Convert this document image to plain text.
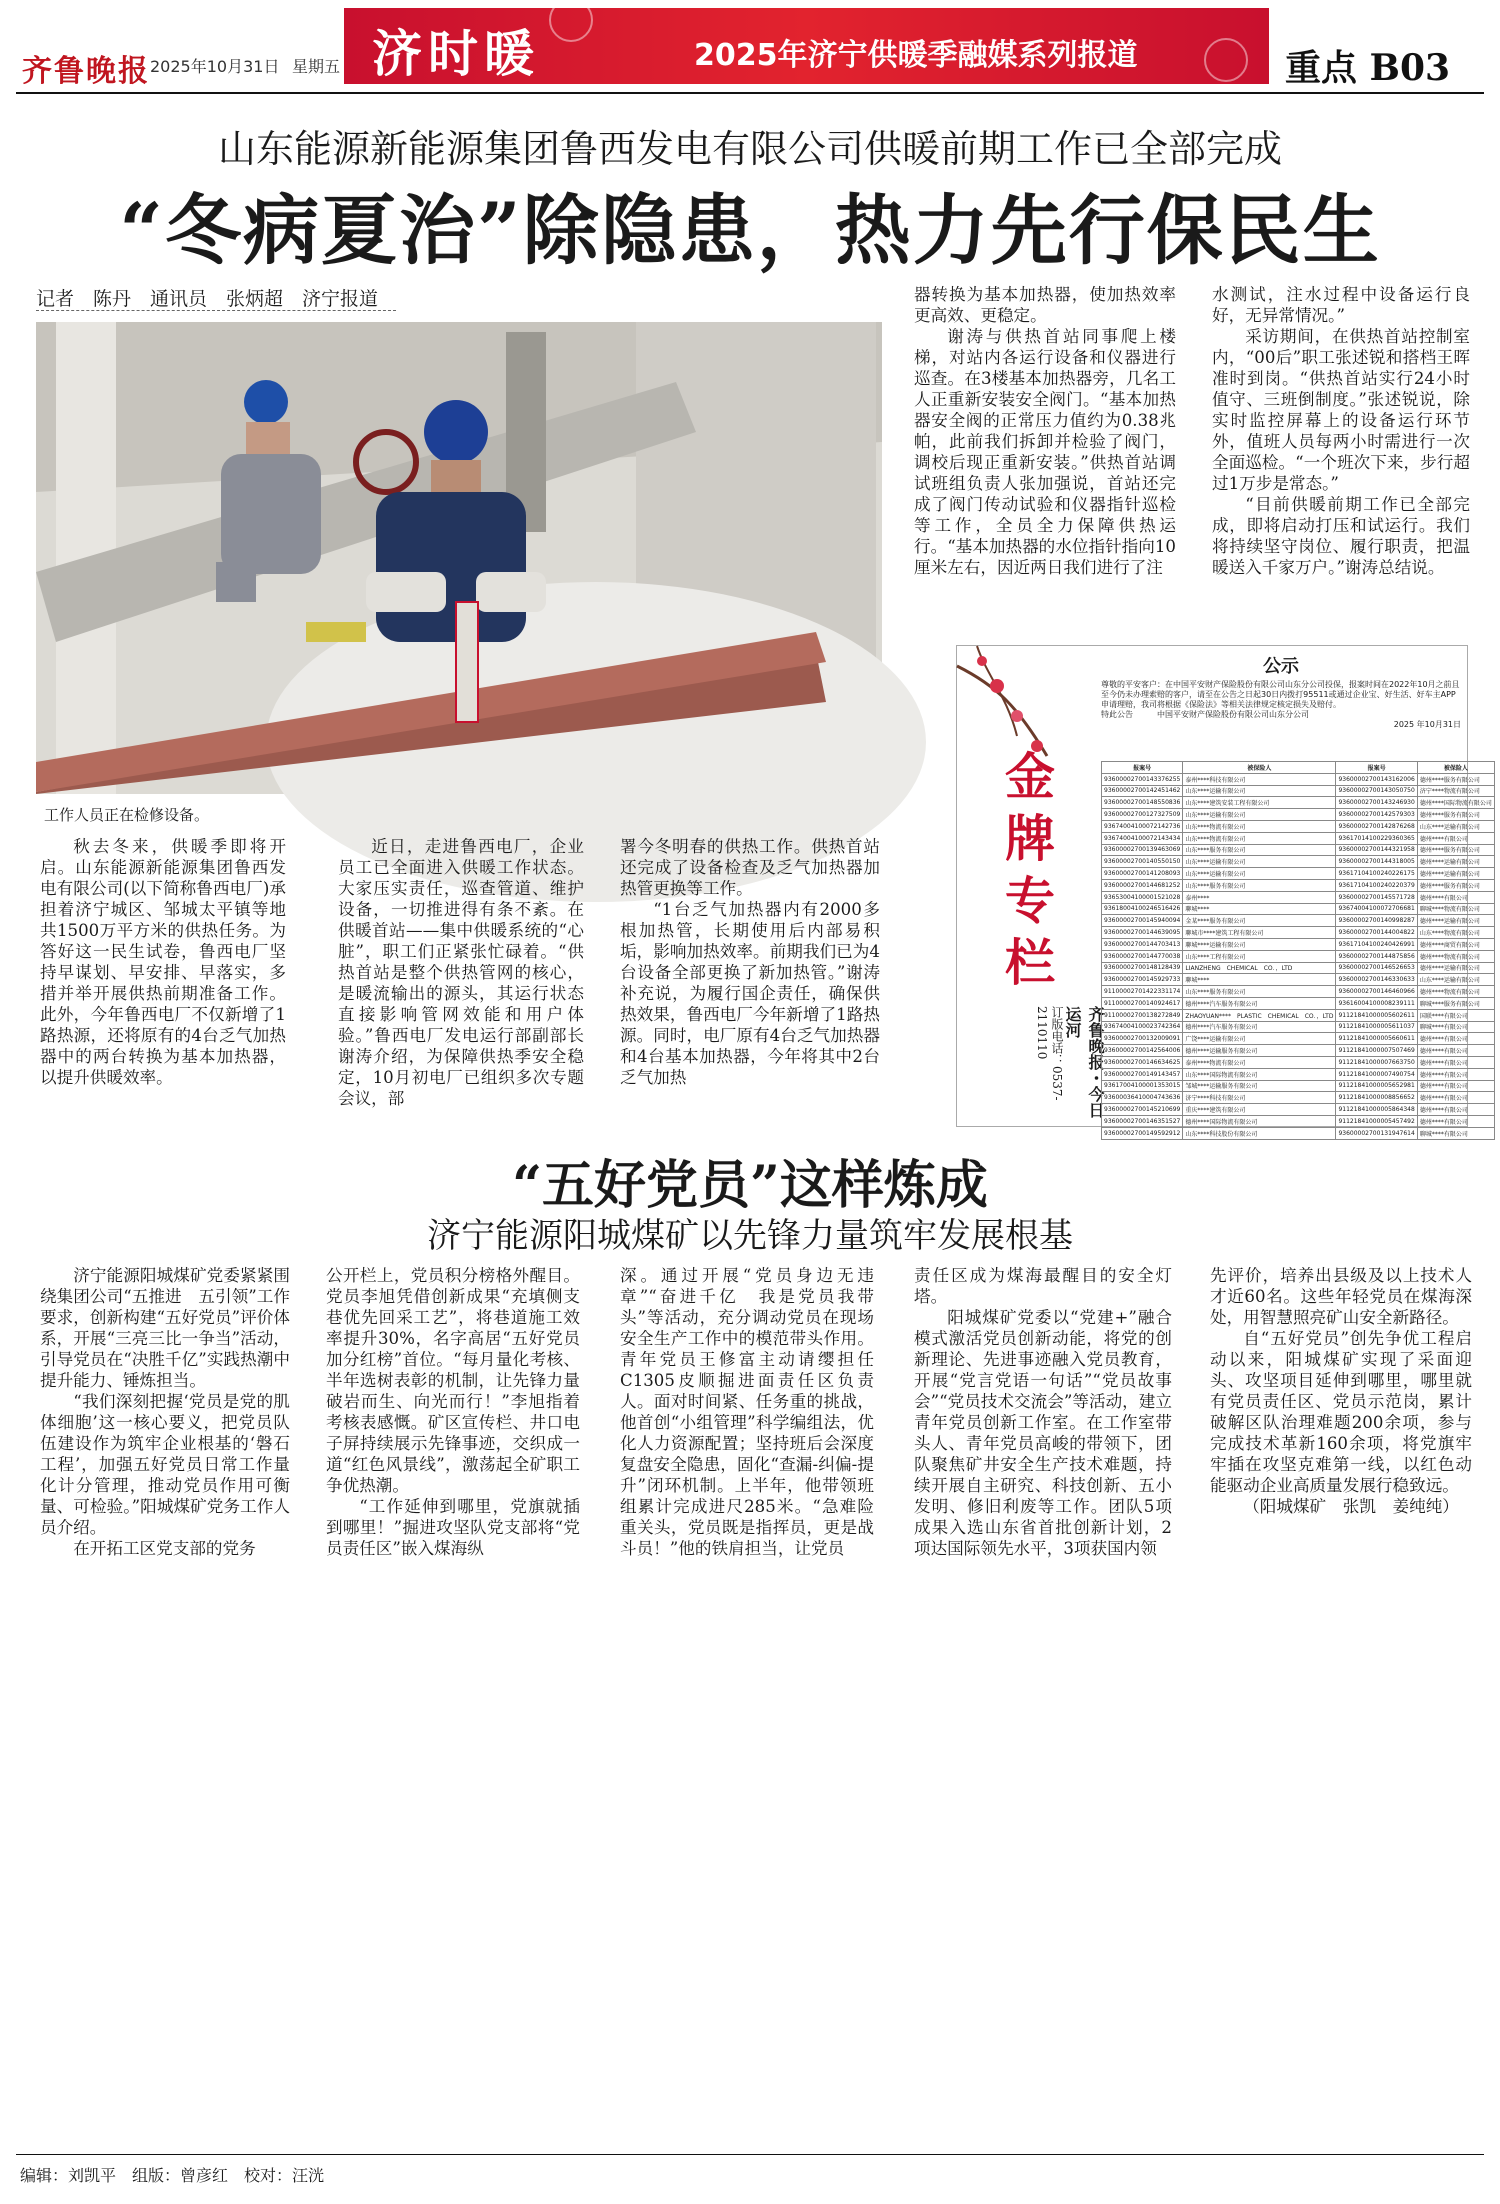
齐鲁晚报 2025年10月31日 星期五 济时暖	2025年济宁供暖季融媒系列报道	重点 B03
山东能源新能源集团鲁西发电有限公司供暖前期工作已全部完成
“冬病夏治”除隐患，热力先行保民生
记者　陈丹　通讯员　张炳超　济宁报道
工作人员正在检修设备。

秋去冬来，供暖季即将开启。山东能源新能源集团鲁西发电有限公司(以下简称鲁西电厂)承担着济宁城区、邹城太平镇等地共1500万平方米的供热任务。为答好这一民生试卷，鲁西电厂坚持早谋划、早安排、早落实，多措并举开展供热前期准备工作。此外，今年鲁西电厂不仅新增了1路热源，还将原有的4台乏气加热器中的两台转换为基本加热器，以提升供暖效率。

近日，走进鲁西电厂，企业员工已全面进入供暖工作状态。大家压实责任，巡查管道、维护设备，一切推进得有条不紊。在供暖首站——集中供暖系统的“心脏”，职工们正紧张忙碌着。“供热首站是整个供热管网的核心，是暖流输出的源头，其运行状态直接影响管网效能和用户体验。”鲁西电厂发电运行部副部长谢涛介绍，为保障供热季安全稳定，10月初电厂已组织多次专题会议，部

署今冬明春的供热工作。供热首站还完成了设备检查及乏气加热器加热管更换等工作。

“1台乏气加热器内有2000多根加热管，长期使用后内部易积垢，影响加热效率。前期我们已为4台设备全部更换了新加热管。”谢涛补充说，为履行国企责任，确保供热效果，鲁西电厂今年新增了1路热源。同时，电厂原有4台乏气加热器和4台基本加热器，今年将其中2台乏气加热

器转换为基本加热器，使加热效率更高效、更稳定。

谢涛与供热首站同事爬上楼梯，对站内各运行设备和仪器进行巡查。在3楼基本加热器旁，几名工人正重新安装安全阀门。“基本加热器安全阀的正常压力值约为0.38兆帕，此前我们拆卸并检验了阀门，调校后现正重新安装。”供热首站调试班组负责人张加强说，首站还完成了阀门传动试验和仪器指针巡检等工作，全员全力保障供热运行。“基本加热器的水位指针指向10厘米左右，因近两日我们进行了注

水测试，注水过程中设备运行良好，无异常情况。”

采访期间，在供热首站控制室内，“00后”职工张述锐和搭档王晖准时到岗。“供热首站实行24小时值守、三班倒制度。”张述锐说，除实时监控屏幕上的设备运行环节外，值班人员每两小时需进行一次全面巡检。“一个班次下来，步行超过1万步是常态。”

“目前供暖前期工作已全部完成，即将启动打压和试运行。我们将持续坚守岗位、履行职责，把温暖送入千家万户。”谢涛总结说。

金牌专栏
齐鲁晚报・今日运河
订版电话：0537-2110110
公示
尊敬的平安客户：在中国平安财产保险股份有限公司山东分公司投保，报案时间在2022年10月之前且至今仍未办理索赔的客户，请至在公告之日起30日内拨打95511或通过企业宝、好生活、好车主APP申请理赔，我司将根据《保险法》等相关法律规定核定损失及赔付。
特此公告　　　中国平安财产保险股份有限公司山东分公司
2025 年10月31日
报案号	被保险人	报案号	被保险人
93600002700143376255	泰州****科技有限公司	93600002700143162006	德州****服务有限公司
93600002700142451462	山东****运输有限公司	93600002700143050750	济宁****物流有限公司
93600002700148550836	山东****建筑安装工程有限公司	93600002700143246930	德州****国际物流有限公司
93600002700127327509	山东****运输有限公司	93600002700142579303	德州****服务有限公司
93674004100072142736	山东****物流有限公司	93600002700142876268	山东****运输有限公司
93674004100072143434	山东****物流有限公司	93617014100229360365	德州****有限公司
93600002700139463069	山东****服务有限公司	93600002700144321958	德州****服务有限公司
93600002700140550150	山东****运输有限公司	93600002700144318005	德州****运输有限公司
93600002700141208093	山东****运输有限公司	93617104100240226175	德州****运输有限公司
93600002700144681252	山东****服务有限公司	93617104100240220379	德州****服务有限公司
93653004100001521028	泰州****	93600002700145571728	德州****有限公司
93618004100246516426	聊城****	93674004100072706681	聊城****物流有限公司
93600002700145940094	金某****服务有限公司	93600002700140998287	德州****运输有限公司
93600002700144639095	聊城市****建筑工程有限公司	93600002700144004822	山东****物流有限公司
93600002700144703413	聊城****运输有限公司	93617104100240426991	德州****商贸有限公司
93600002700144770038	山东****工程有限公司	93600002700144875856	德州****物流有限公司
93600002700148128439	LIANZHENG　CHEMICAL　CO．，LTD	93600002700146526653	德州****运输有限公司
93600002700145929733	聊城****	93600002700146330633	山东****运输有限公司
91100002701422331174	山东****服务有限公司	93600002700146460966	德州****物流有限公司
91100002700140924617	德州****汽车服务有限公司	93616004100008239111	聊城****服务有限公司
91100002700138272849	ZHAOYUAN****　PLASTIC　CHEMICAL　CO．，LTD	91121841000005602611	国联****有限公司
93674004100023742364	德州****汽车服务有限公司	91121841000005611037	聊城****有限公司
93600002700132009091	广饶****运输有限公司	91121841000005660611	德州****有限公司
93600002700142564006	德州****运输服务有限公司	91121841000007507469	德州****有限公司
93600002700146634625	泰州****物流有限公司	91121841000007663750	德州****有限公司
93600002700149143457	山东****国际物流有限公司	91121841000007490754	德州****有限公司
93617004100001353015	邹城****运输服务有限公司	91121841000005652981	德州****有限公司
93600036410004743636	济宁****科技有限公司	91121841000008856652	德州****有限公司
93600002700145210699	重庆****建筑有限公司	91121841000005864348	德州****有限公司
93600002700146351527	德州****国际物流有限公司	91121841000005457492	德州****有限公司
93600002700149592912	山东****科技股份有限公司	93600002700131947614	聊城****有限公司
“五好党员”这样炼成
济宁能源阳城煤矿以先锋力量筑牢发展根基

济宁能源阳城煤矿党委紧紧围绕集团公司“五推进　五引领”工作要求，创新构建“五好党员”评价体系，开展“三亮三比一争当”活动，引导党员在“决胜千亿”实践热潮中提升能力、锤炼担当。

“我们深刻把握‘党员是党的肌体细胞’这一核心要义，把党员队伍建设作为筑牢企业根基的‘磐石工程’，加强五好党员日常工作量化计分管理，推动党员作用可衡量、可检验。”阳城煤矿党务工作人员介绍。

在开拓工区党支部的党务

公开栏上，党员积分榜格外醒目。党员李旭凭借创新成果“充填侧支巷优先回采工艺”，将巷道施工效率提升30%，名字高居“五好党员加分红榜”首位。“每月量化考核、半年选树表彰的机制，让先锋力量破岩而生、向光而行！”李旭指着考核表感慨。矿区宣传栏、井口电子屏持续展示先锋事迹，交织成一道“红色风景线”，激荡起全矿职工争优热潮。

“工作延伸到哪里，党旗就插到哪里！”掘进攻坚队党支部将“党员责任区”嵌入煤海纵

深。通过开展“党员身边无违章”“奋进千亿　我是党员我带头”等活动，充分调动党员在现场安全生产工作中的模范带头作用。青年党员王修富主动请缨担任C1305皮顺掘进面责任区负责人。面对时间紧、任务重的挑战，他首创“小组管理”科学编组法，优化人力资源配置；坚持班后会深度复盘安全隐患，固化“查漏-纠偏-提升”闭环机制。上半年，他带领班组累计完成进尺285米。“急难险重关头，党员既是指挥员，更是战斗员！”他的铁肩担当，让党员

责任区成为煤海最醒目的安全灯塔。

阳城煤矿党委以“党建+”融合模式激活党员创新动能，将党的创新理论、先进事迹融入党员教育，开展“党言党语一句话”“党员故事会”“党员技术交流会”等活动，建立青年党员创新工作室。在工作室带头人、青年党员高峻的带领下，团队聚焦矿井安全生产技术难题，持续开展自主研究、科技创新、五小发明、修旧利废等工作。团队5项成果入选山东省首批创新计划，2项达国际领先水平，3项获国内领

先评价，培养出县级及以上技术人才近60名。这些年轻党员在煤海深处，用智慧照亮矿山安全新路径。

自“五好党员”创先争优工程启动以来，阳城煤矿实现了采面迎头、攻坚项目延伸到哪里，哪里就有党员责任区、党员示范岗，累计破解区队治理难题200余项，参与完成技术革新160余项，将党旗牢牢插在攻坚克难第一线，以红色动能驱动企业高质量发展行稳致远。

（阳城煤矿　张凯　姜纯纯）

编辑：刘凯平　组版：曾彦红　校对：汪洸
